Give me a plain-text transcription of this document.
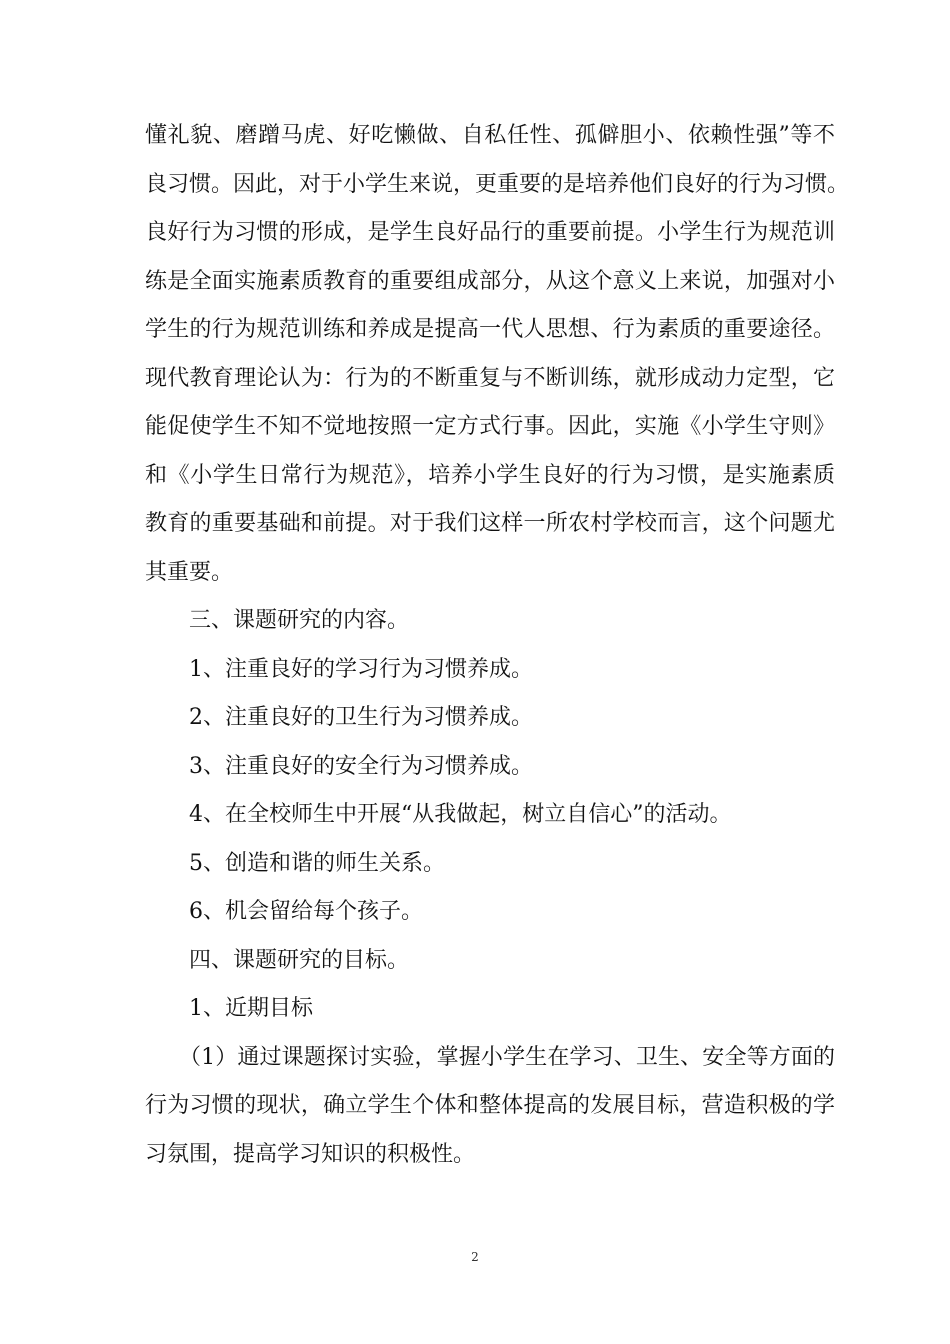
懂礼貌、磨蹭马虎、好吃懒做、自私任性、孤僻胆小、依赖性强”等不
良习惯。因此，对于小学生来说，更重要的是培养他们良好的行为习惯。
良好行为习惯的形成，是学生良好品行的重要前提。小学生行为规范训
练是全面实施素质教育的重要组成部分，从这个意义上来说，加强对小
学生的行为规范训练和养成是提高一代人思想、行为素质的重要途径。
现代教育理论认为：行为的不断重复与不断训练，就形成动力定型，它
能促使学生不知不觉地按照一定方式行事。因此，实施《小学生守则》
和《小学生日常行为规范》，培养小学生良好的行为习惯，是实施素质
教育的重要基础和前提。对于我们这样一所农村学校而言，这个问题尤
其重要。
三、课题研究的内容。
1、注重良好的学习行为习惯养成。
2、注重良好的卫生行为习惯养成。
3、注重良好的安全行为习惯养成。
4、在全校师生中开展“从我做起，树立自信心”的活动。
5、创造和谐的师生关系。
6、机会留给每个孩子。
四、课题研究的目标。
1、近期目标
（1）通过课题探讨实验，掌握小学生在学习、卫生、安全等方面的
行为习惯的现状，确立学生个体和整体提高的发展目标，营造积极的学
习氛围，提高学习知识的积极性。
2
